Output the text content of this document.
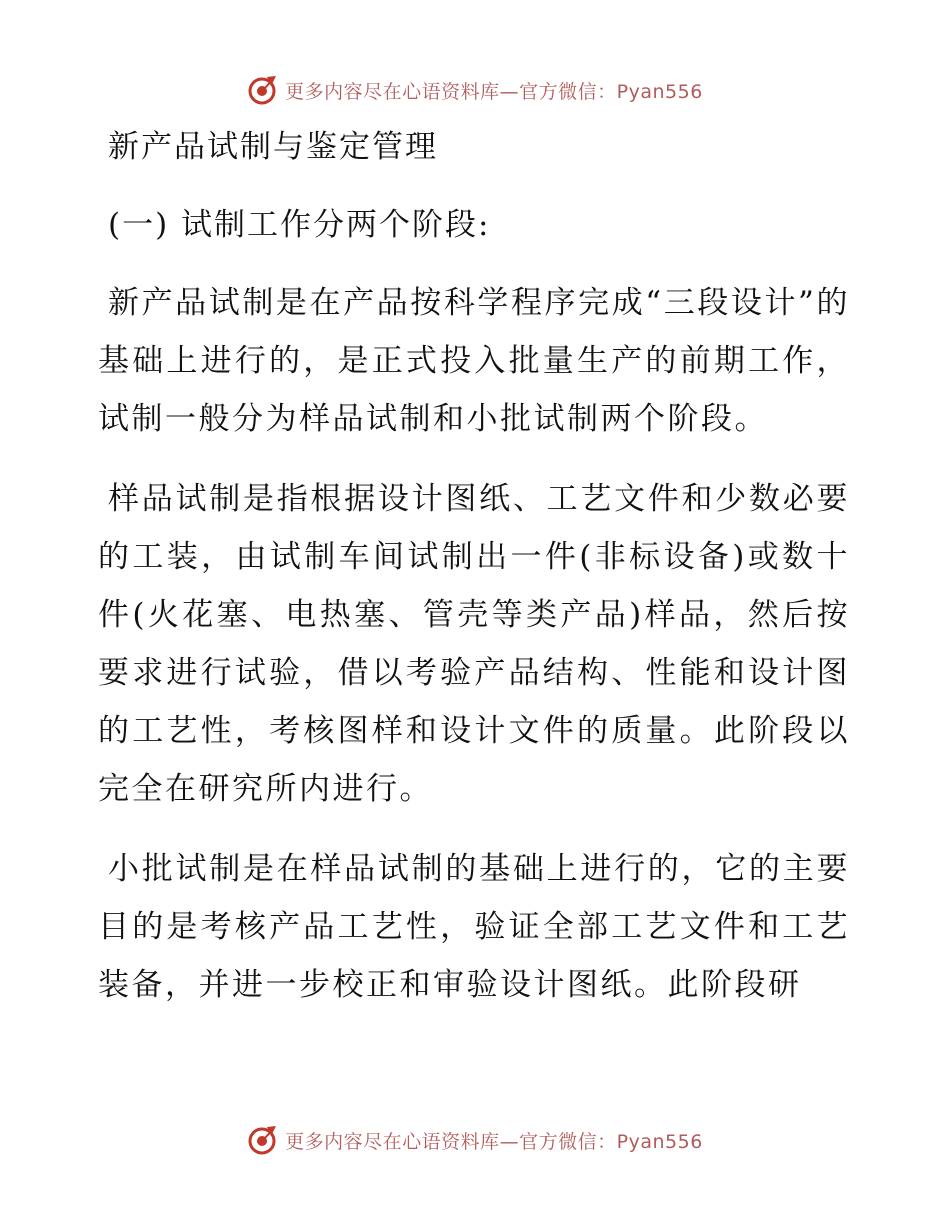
更多内容尽在心语资料库—官方微信：Pyan556
新产品试制与鉴定管理
(一) 试制工作分两个阶段:

新产品试制是在产品按科学程序完成“三段设计”的基础上进行的，是正式投入批量生产的前期工作，试制一般分为样品试制和小批试制两个阶段。

样品试制是指根据设计图纸、工艺文件和少数必要的工装，由试制车间试制出一件(非标设备)或数十件(火花塞、电热塞、管壳等类产品)样品，然后按要求进行试验，借以考验产品结构、性能和设计图的工艺性，考核图样和设计文件的质量。此阶段以完全在研究所内进行。

小批试制是在样品试制的基础上进行的，它的主要目的是考核产品工艺性，验证全部工艺文件和工艺装备，并进一步校正和审验设计图纸。此阶段研

更多内容尽在心语资料库—官方微信：Pyan556
